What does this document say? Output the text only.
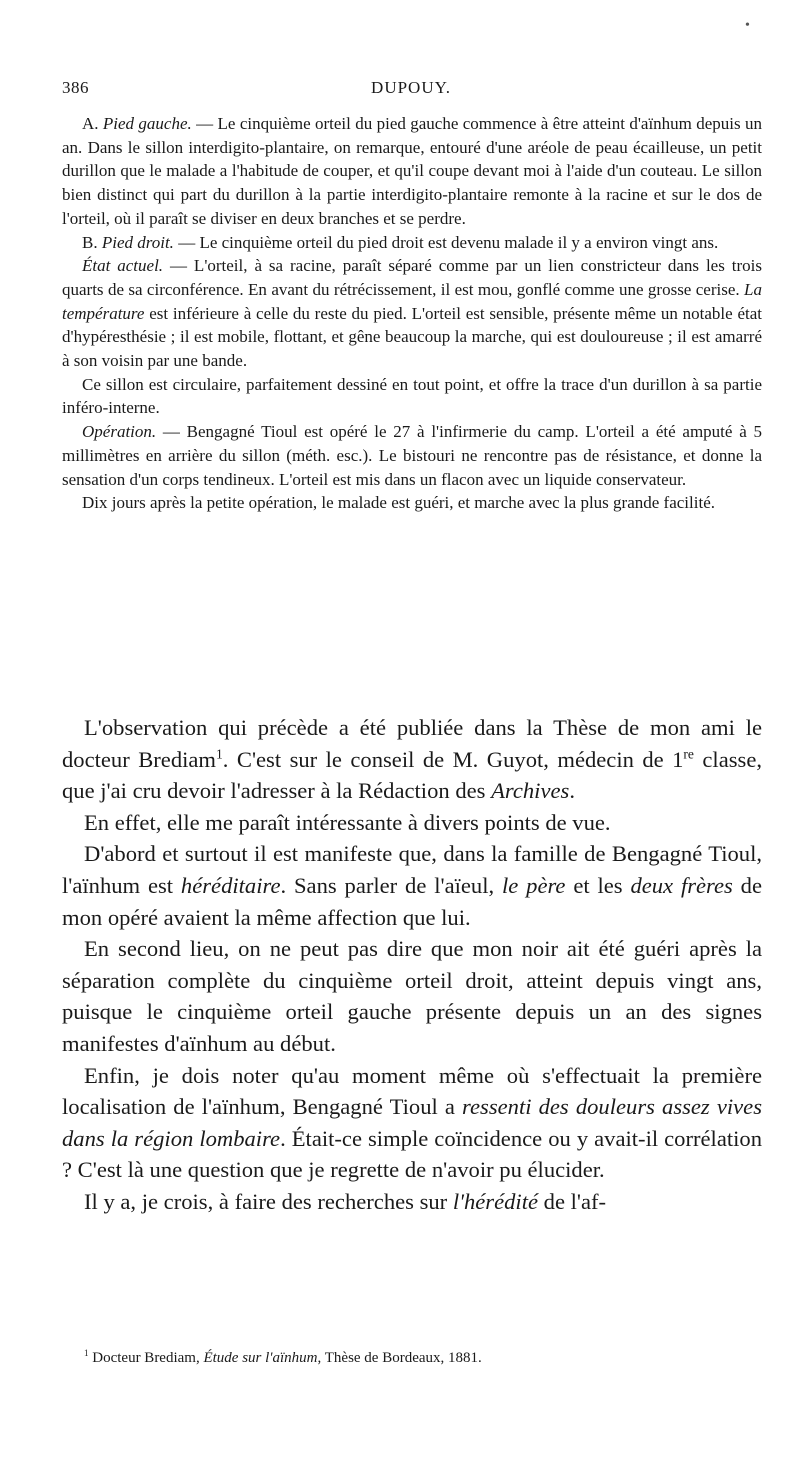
•
386	DUPOUY.

A. Pied gauche. — Le cinquième orteil du pied gauche commence à être atteint d'aïnhum depuis un an. Dans le sillon interdigito-plantaire, on remarque, entouré d'une aréole de peau écailleuse, un petit durillon que le malade a l'habitude de couper, et qu'il coupe devant moi à l'aide d'un couteau. Le sillon bien distinct qui part du durillon à la partie interdigito-plantaire remonte à la racine et sur le dos de l'orteil, où il paraît se diviser en deux branches et se perdre.

B. Pied droit. — Le cinquième orteil du pied droit est devenu malade il y a environ vingt ans.

État actuel. — L'orteil, à sa racine, paraît séparé comme par un lien constricteur dans les trois quarts de sa circonférence. En avant du rétrécissement, il est mou, gonflé comme une grosse cerise. La température est inférieure à celle du reste du pied. L'orteil est sensible, présente même un notable état d'hypéresthésie ; il est mobile, flottant, et gêne beaucoup la marche, qui est douloureuse ; il est amarré à son voisin par une bande.

Ce sillon est circulaire, parfaitement dessiné en tout point, et offre la trace d'un durillon à sa partie inféro-interne.

Opération. — Bengagné Tioul est opéré le 27 à l'infirmerie du camp. L'orteil a été amputé à 5 millimètres en arrière du sillon (méth. esc.). Le bistouri ne rencontre pas de résistance, et donne la sensation d'un corps tendineux. L'orteil est mis dans un flacon avec un liquide conservateur.

Dix jours après la petite opération, le malade est guéri, et marche avec la plus grande facilité.

L'observation qui précède a été publiée dans la Thèse de mon ami le docteur Brediam$^1$. C'est sur le conseil de M. Guyot, médecin de 1re classe, que j'ai cru devoir l'adresser à la Rédaction des Archives.

En effet, elle me paraît intéressante à divers points de vue.

D'abord et surtout il est manifeste que, dans la famille de Bengagné Tioul, l'aïnhum est héréditaire. Sans parler de l'aïeul, le père et les deux frères de mon opéré avaient la même affection que lui.

En second lieu, on ne peut pas dire que mon noir ait été guéri après la séparation complète du cinquième orteil droit, atteint depuis vingt ans, puisque le cinquième orteil gauche présente depuis un an des signes manifestes d'aïnhum au début.

Enfin, je dois noter qu'au moment même où s'effectuait la première localisation de l'aïnhum, Bengagné Tioul a ressenti des douleurs assez vives dans la région lombaire. Était-ce simple coïncidence ou y avait-il corrélation ? C'est là une question que je regrette de n'avoir pu élucider.

Il y a, je crois, à faire des recherches sur l'hérédité de l'af-

$^1$ Docteur Brediam, Étude sur l'aïnhum, Thèse de Bordeaux, 1881.
